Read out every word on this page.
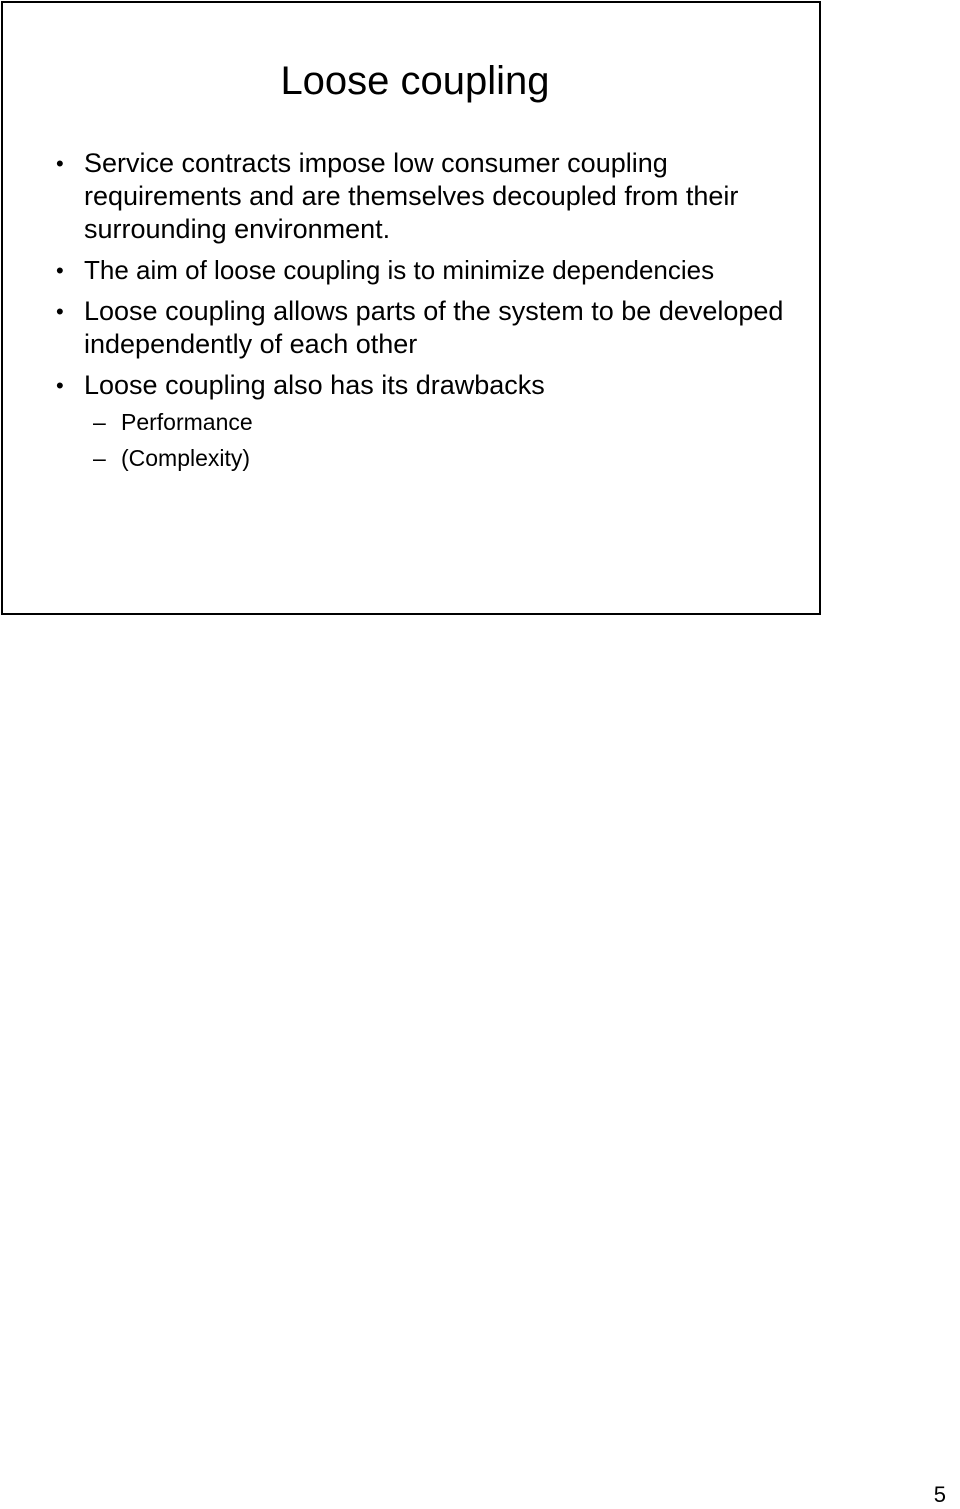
Loose coupling
• Service contracts impose low consumer coupling requirements and are themselves decoupled from their surrounding environment.
• The aim of loose coupling is to minimize dependencies
• Loose coupling allows parts of the system to be developed independently of each other
• Loose coupling also has its drawbacks
– Performance
– (Complexity)
5
